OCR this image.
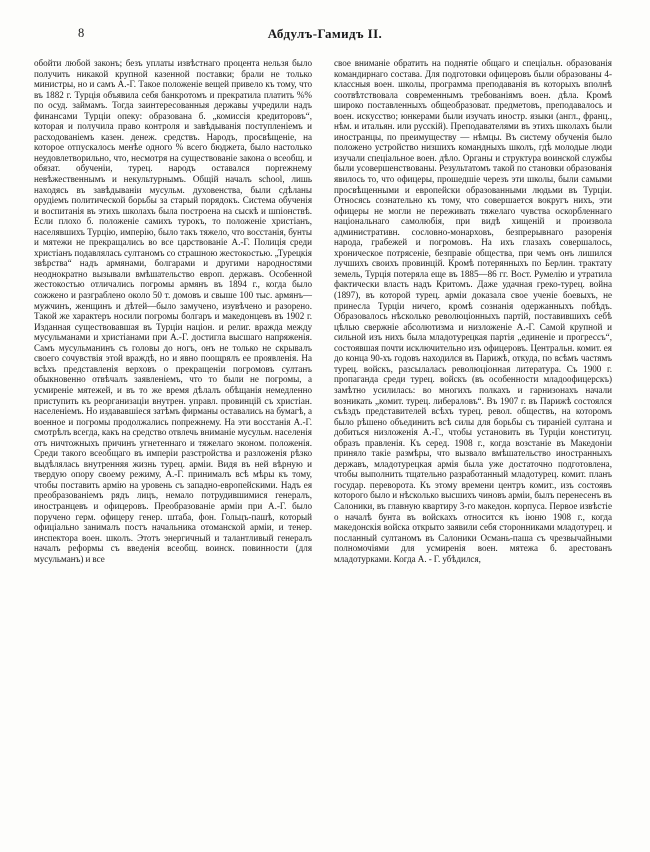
8	Абдулъ-Гамидъ II.

обойти любой законъ; безъ уплаты извѣстнаго процента нельзя было получить никакой крупной казенной поставки; брали не только министры, но и самъ А.-Г. Такое положеніе вещей привело къ тому, что въ 1882 г. Турція объявила себя банкротомъ и прекратила платить %% по осуд. займамъ. Тогда заинтересованныя державы учредили надъ финансами Турціи опеку: образована б. „комиссія кредиторовъ“, которая и получила право контроля и завѣдыванія поступленіемъ и расходованіемъ казен. денеж. средствъ. Народъ, просвѣщеніе, на которое отпускалось менѣе одного % всего бюджета, было настолько неудовлетворильно, что, несмотря на существованіе закона о всеобщ. и обязат. обученіи, турец. народъ оставался поprежнему невѣжественнымъ и некультурнымъ. Общій началъ school, лишь находясь въ завѣдываніи мусульм. духовенства, были сдѣланы орудіемъ политической борьбы за старый порядокъ. Система обученія и воспитанія въ этихъ школахъ была построена на сыскѣ и шпіонствѣ. Если плохо б. положеніе самихъ турокъ, то положеніе христіанъ, населявшихъ Турцію, имперію, было такъ тяжело, что восстанія, бунты и мятежи не прекращались во все царствованіе А.-Г. Полиція среди христіанъ подавлялась султаномъ со страшною жестокостью. „Турецкія звѣрства“ надъ армянами, болгарами и другими народностями неоднократно вызывали вмѣшательство европ. державъ. Особенной жестокостью отличались погромы армянъ въ 1894 г., когда было сожжено и разграблено около 50 т. домовъ и свыше 100 тыс. армянъ—мужчинъ, женщинъ и дѣтей—было замучено, изувѣчено и разорено. Такой же характеръ носили погромы болгаръ и македонцевъ въ 1902 г. Изданная существовавшая въ Турціи націон. и религ. вражда между мусульманами и христіанами при А.-Г. достигла высшаго напряженія. Самъ мусульманинъ съ головы до ногъ, онъ не только не скрывалъ своего сочувствія этой враждѣ, но и явно поощрялъ ее проявленія. На всѣхъ представленія верховъ о прекращеніи погромовъ султанъ обыкновенно отвѣчалъ заявленіемъ, что то были не погромы, а усмиреніе мятежей, и въ то же время дѣлалъ обѣщанія немедленно приступить къ реорганизаціи внутрен. управл. провинцій съ христіан. населеніемъ. Но издававшіеся затѣмъ фирманы оставались на бумагѣ, а военное и погромы продолжались попрежнему. На эти восстанія А.-Г. смотрѣлъ всегда, какъ на средство отвлечь вниманіе мусульм. населенія отъ ничтожныхъ причинъ угнетеннаго и тяжелаго эконом. положенія. Среди такого всеобщаго въ имперіи разстройства и разложенія рѣзко выдѣлялась внутренняя жизнь турец. арміи. Видя въ ней вѣрную и твердую опору своему режиму, А.-Г. принималъ всѣ мѣры къ тому, чтобы поставить армію на уровень съ западно-европейскими. Надъ ея преобразованіемъ рядъ лицъ, немало потрудившимися генералъ, иностранцевъ и офицеровъ. Преобразованіе арміи при А.-Г. было поручено герм. офицеру генер. штаба, фон. Гольцъ-пашѣ, который офиціально занималъ постъ начальника отоманской арміи, и тенер. инспектора воен. школъ. Этотъ энергичный и талантливый генералъ началъ реформы съ введенія всеобщ. воинск. повинности (для мусульманъ) и все

свое вниманіе обратить на поднятіе общаго и спеціальн. образованія командирнаго состава. Для подготовки офицеровъ были образованы 4-классныя воен. школы, программа преподаванія въ которыхъ вполнѣ соотвѣтствовала современнымъ требованіямъ воен. дѣла. Кромѣ широко поставленныхъ общеобразоват. предметовъ, преподавалось и воен. искусство; юнкерами были изучать иностр. языки (англ., франц., нѣм. и итальян. или русскій). Преподавателями въ этихъ школахъ были иностранцы, по преимуществу — нѣмцы. Въ систему обученія было положено устройство низшихъ командныхъ школъ, гдѣ молодые люди изучали спеціальное воен. дѣло. Органы и структура воинской службы были усовершенствованы. Результатомъ такой по становки образованія явилось то, что офицеры, прошедшіе черезъ эти школы, были самыми просвѣщенными и европейски образованными людьми въ Турціи. Относясь сознательно къ тому, что совершается вокругъ нихъ, эти офицеры не могли не переживать тяжелаго чувства оскорбленнаго національнаго самолюбія, при видѣ хищеній и произвола административн. сословно-монарховъ, безпрерывнаго разоренія народа, грабежей и погромовъ. На ихъ глазахъ совершалось, хроническое потрясеніе, безправіе общества, при чемъ онъ лишился лучшихъ своихъ провинцій. Кромѣ потерянныхъ по Берлин. трактату земель, Турція потеряла еще въ 1885—86 гг. Вост. Румелію и утратила фактически власть надъ Критомъ. Даже удачная греко-турец. война (1897), въ которой турец. арміи доказала свое ученіе боевыхъ, не принесла Турціи ничего, кромѣ сознанія одержанныхъ побѣдъ. Образовалось нѣсколько революціонныхъ партій, поставившихъ себѣ цѣлью свержніе абсолютизма и низложеніе А.-Г. Самой крупной и сильной изъ нихъ была младотурецкая партія „единеніе и прогрессъ“, состоявшая почти исключительно изъ офицеровъ. Центральн. комит. ея до конца 90-хъ годовъ находился въ Парижѣ, откуда, по всѣмъ частямъ турец. войскъ, разсылалась революціонная литература. Съ 1900 г. пропаганда среди турец. войскъ (въ особенности младоофицерскъ) замѣтно усилилась: во многихъ полкахъ и гарнизонахъ начали возникать „комит. турец. либераловъ“. Въ 1907 г. въ Парижѣ состоялся съѣздъ представителей всѣхъ турец. револ. обществъ, на которомъ было рѣшено объединить всѣ силы для борьбы съ тираніей султана и добиться низложенія А.-Г., чтобы установить въ Турціи конституц. образъ правленія. Къ серед. 1908 г., когда возстаніе въ Македоніи приняло такіе размѣры, что вызвало вмѣшательство иностранныхъ державъ, младотурецкая армія была уже достаточно подготовлена, чтобы выполнить тщательно разработанный младотурец. комит. планъ государ. переворота. Къ этому времени центръ комит., изъ состоявъ которого было и нѣсколько высшихъ чиновъ арміи, былъ перенесенъ въ Салоники, въ главную квартиру 3-го македон. корпуса. Первое извѣстіе о началѣ бунта въ войскахъ относится къ іюню 1908 г., когда македонскія войска открыто заявили себя сторонниками младотурец. и посланный султаномъ въ Салоники Османь-паша съ чрезвычайными полномочіями для усмиренія воен. мятежа б. арестованъ младотурками. Когда А. - Г. убѣдился,
